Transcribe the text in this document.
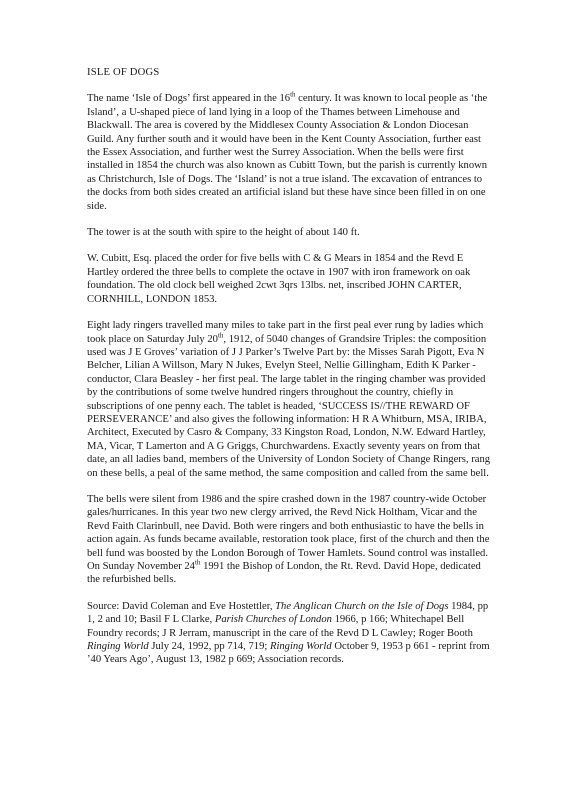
ISLE OF DOGS

The name ‘Isle of Dogs’ first appeared in the 16th century. It was known to local people as ‘the Island’, a U-shaped piece of land lying in a loop of the Thames between Limehouse and Blackwall. The area is covered by the Middlesex County Association & London Diocesan Guild. Any further south and it would have been in the Kent County Association, further east the Essex Association, and further west the Surrey Association. When the bells were first installed in 1854 the church was also known as Cubitt Town, but the parish is currently known as Christchurch, Isle of Dogs. The ‘Island’ is not a true island. The excavation of entrances to the docks from both sides created an artificial island but these have since been filled in on one side.

The tower is at the south with spire to the height of about 140 ft.

W. Cubitt, Esq. placed the order for five bells with C & G Mears in 1854 and the Revd E Hartley ordered the three bells to complete the octave in 1907 with iron framework on oak foundation. The old clock bell weighed 2cwt 3qrs 13lbs. net, inscribed JOHN CARTER, CORNHILL, LONDON 1853.

Eight lady ringers travelled many miles to take part in the first peal ever rung by ladies which took place on Saturday July 20th, 1912, of 5040 changes of Grandsire Triples: the composition used was J E Groves’ variation of J J Parker’s Twelve Part by: the Misses Sarah Pigott, Eva N Belcher, Lilian A Willson, Mary N Jukes, Evelyn Steel, Nellie Gillingham, Edith K Parker - conductor, Clara Beasley - her first peal. The large tablet in the ringing chamber was provided by the contributions of some twelve hundred ringers throughout the country, chiefly in subscriptions of one penny each. The tablet is headed, ‘SUCCESS IS//THE REWARD OF PERSEVERANCE’ and also gives the following information: H R A Whitburn, MSA, IRIBA, Architect, Executed by Casro & Company, 33 Kingston Road, London, N.W. Edward Hartley, MA, Vicar, T Lamerton and A G Griggs, Churchwardens. Exactly seventy years on from that date, an all ladies band, members of the University of London Society of Change Ringers, rang on these bells, a peal of the same method, the same composition and called from the same bell.

The bells were silent from 1986 and the spire crashed down in the 1987 country-wide October gales/hurricanes. In this year two new clergy arrived, the Revd Nick Holtham, Vicar and the Revd Faith Clarinbull, nee David. Both were ringers and both enthusiastic to have the bells in action again. As funds became available, restoration took place, first of the church and then the bell fund was boosted by the London Borough of Tower Hamlets. Sound control was installed. On Sunday November 24th 1991 the Bishop of London, the Rt. Revd. David Hope, dedicated the refurbished bells.

Source: David Coleman and Eve Hostettler, The Anglican Church on the Isle of Dogs 1984, pp 1, 2 and 10; Basil F L Clarke, Parish Churches of London 1966, p 166; Whitechapel Bell Foundry records; J R Jerram, manuscript in the care of the Revd D L Cawley; Roger Booth Ringing World July 24, 1992, pp 714, 719; Ringing World October 9, 1953 p 661 - reprint from ’40 Years Ago’, August 13, 1982 p 669; Association records.
